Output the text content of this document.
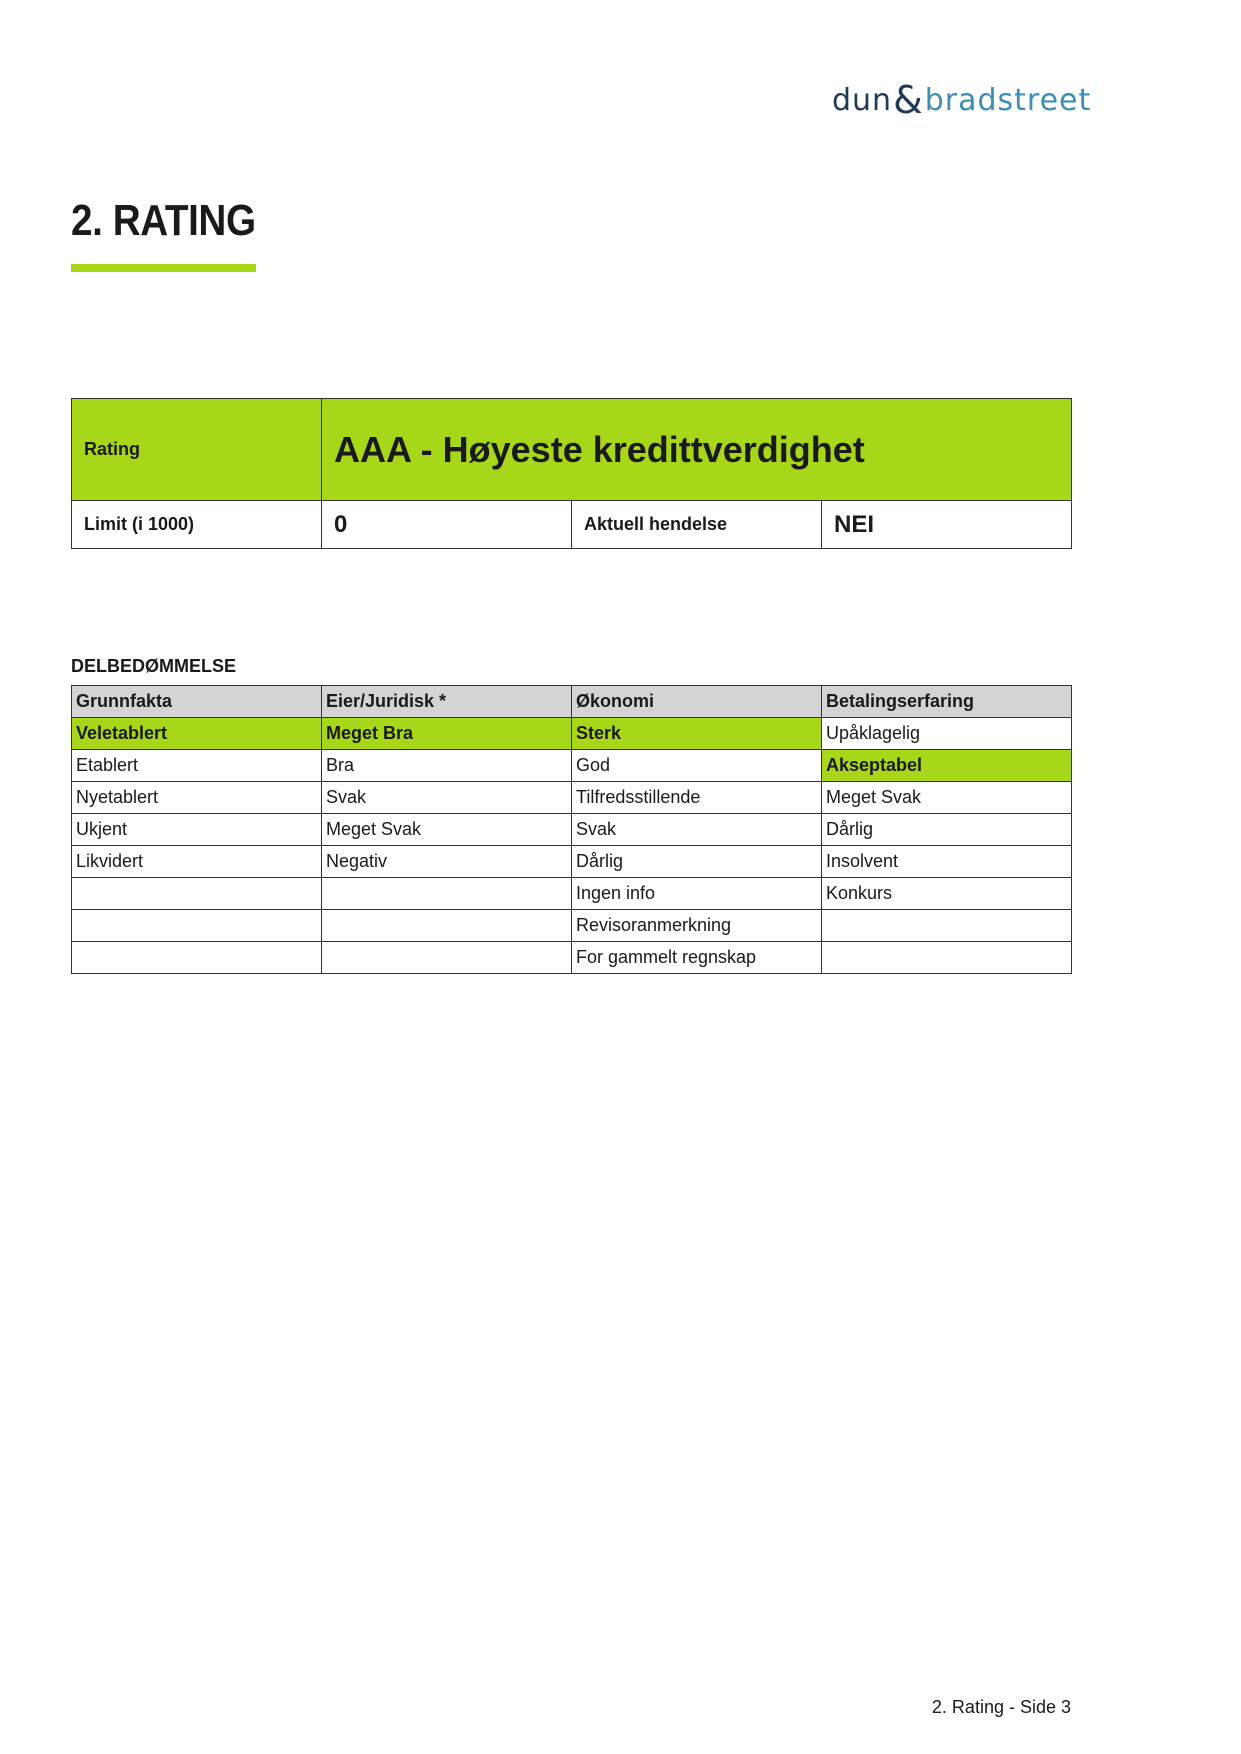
dun & bradstreet
2. RATING
Rating	AAA - Høyeste kredittverdighet		
Limit (i 1000)	0	Aktuell hendelse	NEI
DELBEDØMMELSE
Grunnfakta	Eier/Juridisk *	Økonomi	Betalingserfaring
Veletablert	Meget Bra	Sterk	Upåklagelig
Etablert	Bra	God	Akseptabel
Nyetablert	Svak	Tilfredsstillende	Meget Svak
Ukjent	Meget Svak	Svak	Dårlig
Likvidert	Negativ	Dårlig	Insolvent
		Ingen info	Konkurs
		Revisoranmerkning	
		For gammelt regnskap	
2. Rating - Side 3
